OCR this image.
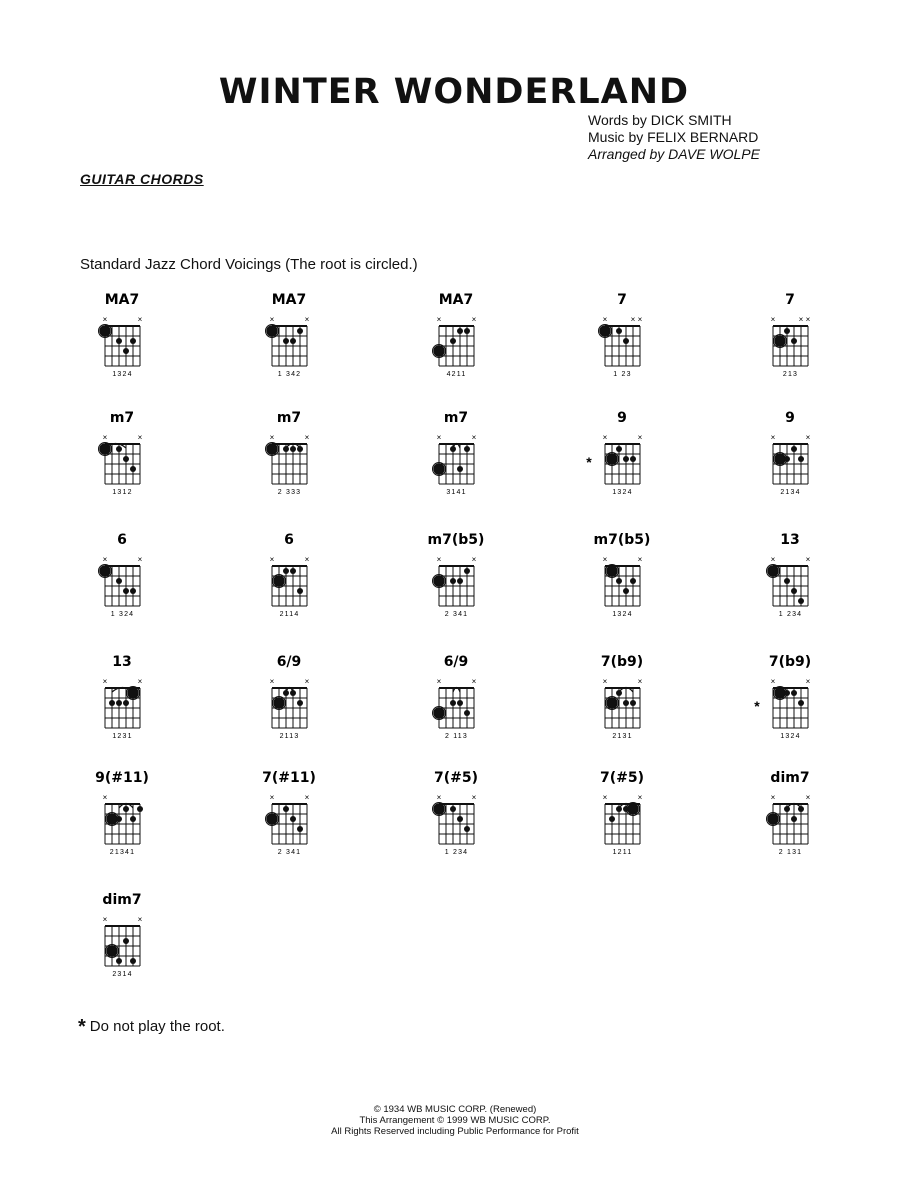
WINTER WONDERLAND
Words by DICK SMITH
Music by FELIX BERNARD
Arranged by DAVE WOLPE
GUITAR CHORDS
Standard Jazz Chord Voicings (The root is circled.)
MA7
×	×
1324
MA7
×	×
1 342
MA7
×	×
4211
7
×	× ×
1 23
7
×	× ×
213
m7
×	×
1312
m7
×	×
2 333
m7
×	×
3141
9
×	×
1324
*
9
×	×
2134
6
×	×
1 324
6
×	×
2114
m7(b5)
×	×
2 341
m7(b5)
×	×
1324
13
×	×
1 234
13
×	×
1231
6/9
×	×
2113
6/9
×	×
2 113
7(b9)
×	×
2131
7(b9)
×	×
1324
*
9(#11)
×
21341
7(#11)
×	×
2 341
7(#5)
×	×
1 234
7(#5)
×	×
1211
dim7
×	×
2 131
dim7
×	×
2314
* Do not play the root.
© 1934 WB MUSIC CORP. (Renewed)
This Arrangement © 1999 WB MUSIC CORP.
All Rights Reserved including Public Performance for Profit
